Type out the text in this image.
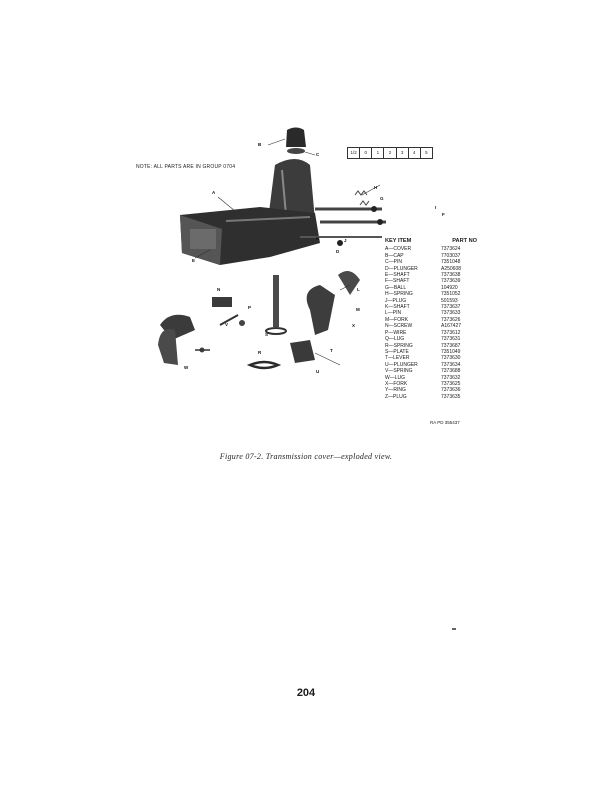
NOTE: ALL PARTS ARE IN GROUP 0704
1/2	0	1	2	3	4	5
B
C
A
D
E
F
G
H
I
J
K
L
M
N
P
R
S
T
U
V
W
X
KEY ITEM	PART NO
A—COVER	7373624
B—CAP	7703037
C—PIN	7351048
D—PLUNGER	A250608
E—SHAFT	7373638
F—SHAFT	7373639
G—BALL	104920
H—SPRING	7351052
J—PLUG	501593
K—SHAFT	7373637
L—PIN	7373633
M—FORK	7373626
N—SCREW	A167427
P—WIRE	7373612
Q—LUG	7373631
R—SPRING	7373687
S—PLATE	7351049
T—LEVER	7373630
U—PLUNGER	7373634
V—SPRING	7373688
W—LUG	7373632
X—FORK	7373625
Y—RING	7373636
Z—PLUG	7373635
RA PD 355437
Figure 07-2. Transmission cover—exploded view.
204
